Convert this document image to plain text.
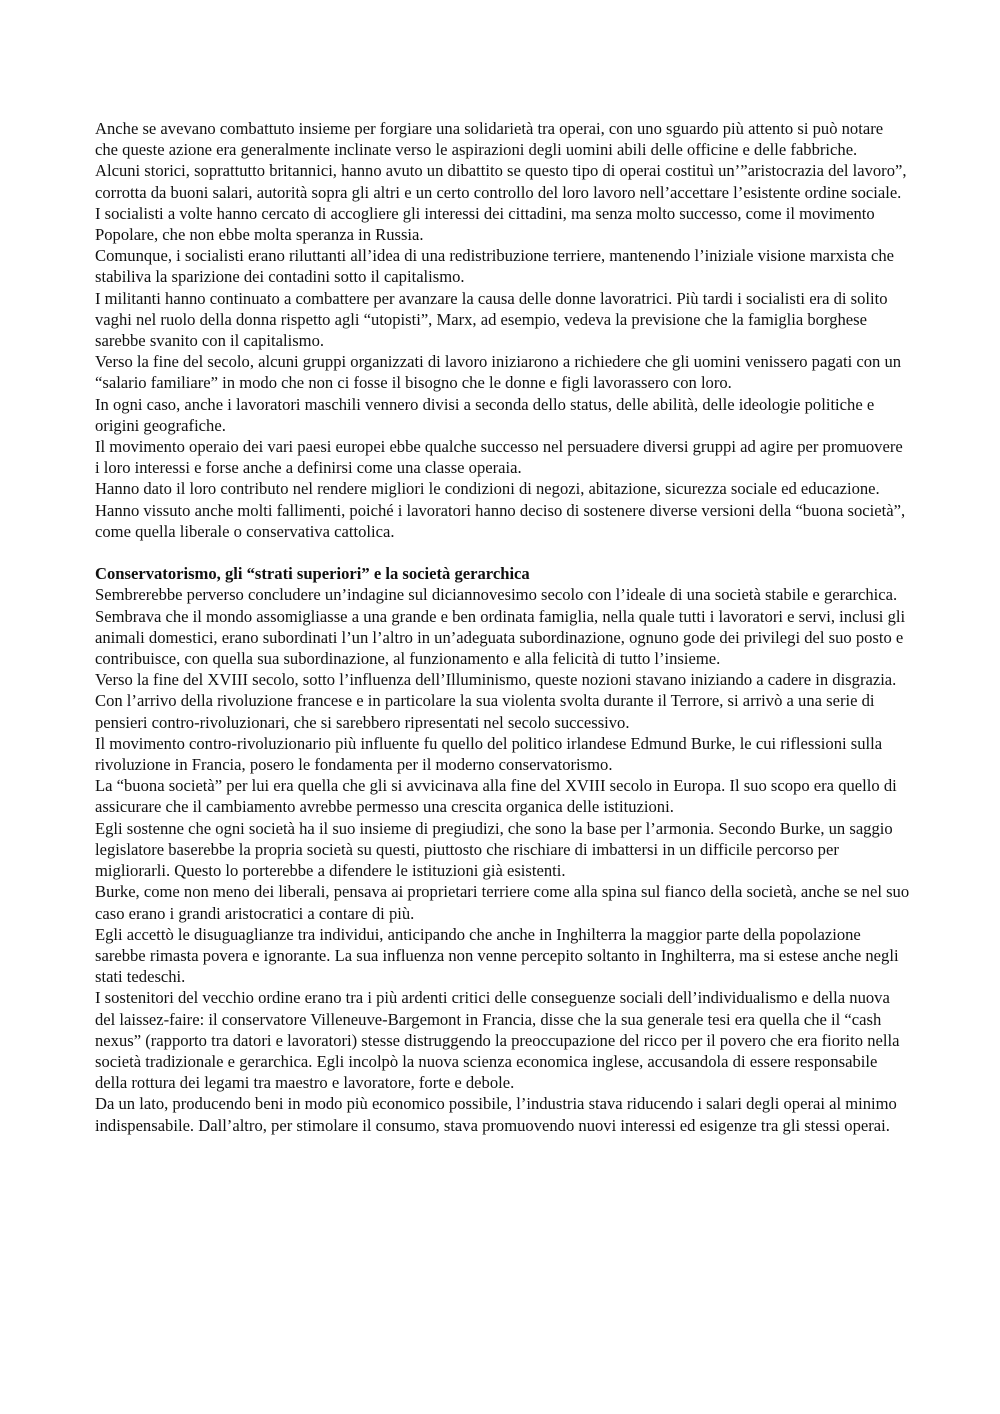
Anche se avevano combattuto insieme per forgiare una solidarietà tra operai, con uno sguardo più attento si può notare che queste azione era generalmente inclinate verso le aspirazioni degli uomini abili delle officine e delle fabbriche.

Alcuni storici, soprattutto britannici, hanno avuto un dibattito se questo tipo di operai costituì un’”aristocrazia del lavoro”, corrotta da buoni salari, autorità sopra gli altri e un certo controllo del loro lavoro nell’accettare l’esistente ordine sociale.

I socialisti a volte hanno cercato di accogliere gli interessi dei cittadini, ma senza molto successo, come il movimento Popolare, che non ebbe molta speranza in Russia.

Comunque, i socialisti erano riluttanti all’idea di una redistribuzione terriere, mantenendo l’iniziale visione marxista che stabiliva la sparizione dei contadini sotto il capitalismo.

I militanti hanno continuato a combattere per avanzare la causa delle donne lavoratrici. Più tardi i socialisti era di solito vaghi nel ruolo della donna rispetto agli “utopisti”, Marx, ad esempio, vedeva la previsione che la famiglia borghese sarebbe svanito con il capitalismo.

Verso la fine del secolo, alcuni gruppi organizzati di lavoro iniziarono a richiedere che gli uomini venissero pagati con un “salario familiare” in modo che non ci fosse il bisogno che le donne e figli lavorassero con loro.

In ogni caso, anche i lavoratori maschili vennero divisi a seconda dello status, delle abilità, delle ideologie politiche e origini geografiche.

Il movimento operaio dei vari paesi europei ebbe qualche successo nel persuadere diversi gruppi ad agire per promuovere i loro interessi e forse anche a definirsi come una classe operaia.

Hanno dato il loro contributo nel rendere migliori le condizioni di negozi, abitazione, sicurezza sociale ed educazione.

Hanno vissuto anche molti fallimenti, poiché i lavoratori hanno deciso di sostenere diverse versioni della “buona società”, come quella liberale o conservativa cattolica.

Conservatorismo, gli “strati superiori” e la società gerarchica

Sembrerebbe perverso concludere un’indagine sul diciannovesimo secolo con l’ideale di una società stabile e gerarchica. Sembrava che il mondo assomigliasse a una grande e ben ordinata famiglia, nella quale tutti i lavoratori e servi, inclusi gli animali domestici, erano subordinati l’un l’altro in un’adeguata subordinazione, ognuno gode dei privilegi del suo posto e contribuisce, con quella sua subordinazione, al funzionamento e alla felicità di tutto l’insieme.

Verso la fine del XVIII secolo, sotto l’influenza dell’Illuminismo, queste nozioni stavano iniziando a cadere in disgrazia. Con l’arrivo della rivoluzione francese e in particolare la sua violenta svolta durante il Terrore, si arrivò a una serie di pensieri contro-rivoluzionari, che si sarebbero ripresentati nel secolo successivo.

Il movimento contro-rivoluzionario più influente fu quello del politico irlandese Edmund Burke, le cui riflessioni sulla rivoluzione in Francia, posero le fondamenta per il moderno conservatorismo.

La “buona società” per lui era quella che gli si avvicinava alla fine del XVIII secolo in Europa. Il suo scopo era quello di assicurare che il cambiamento avrebbe permesso una crescita organica delle istituzioni.

Egli sostenne che ogni società ha il suo insieme di pregiudizi, che sono la base per l’armonia. Secondo Burke, un saggio legislatore baserebbe la propria società su questi, piuttosto che rischiare di imbattersi in un difficile percorso per migliorarli. Questo lo porterebbe a difendere le istituzioni già esistenti.

Burke, come non meno dei liberali, pensava ai proprietari terriere come alla spina sul fianco della società, anche se nel suo caso erano i grandi aristocratici a contare di più.

Egli accettò le disuguaglianze tra individui, anticipando che anche in Inghilterra la maggior parte della popolazione sarebbe rimasta povera e ignorante. La sua influenza non venne percepito soltanto in Inghilterra, ma si estese anche negli stati tedeschi.

I sostenitori del vecchio ordine erano tra i più ardenti critici delle conseguenze sociali dell’individualismo e della nuova del laissez-faire: il conservatore Villeneuve-Bargemont in Francia, disse che la sua generale tesi era quella che il “cash nexus” (rapporto tra datori e lavoratori) stesse distruggendo la preoccupazione del ricco per il povero che era fiorito nella società tradizionale e gerarchica. Egli incolpò la nuova scienza economica inglese, accusandola di essere responsabile della rottura dei legami tra maestro e lavoratore, forte e debole.

Da un lato, producendo beni in modo più economico possibile, l’industria stava riducendo i salari degli operai al minimo indispensabile. Dall’altro, per stimolare il consumo, stava promuovendo nuovi interessi ed esigenze tra gli stessi operai.
